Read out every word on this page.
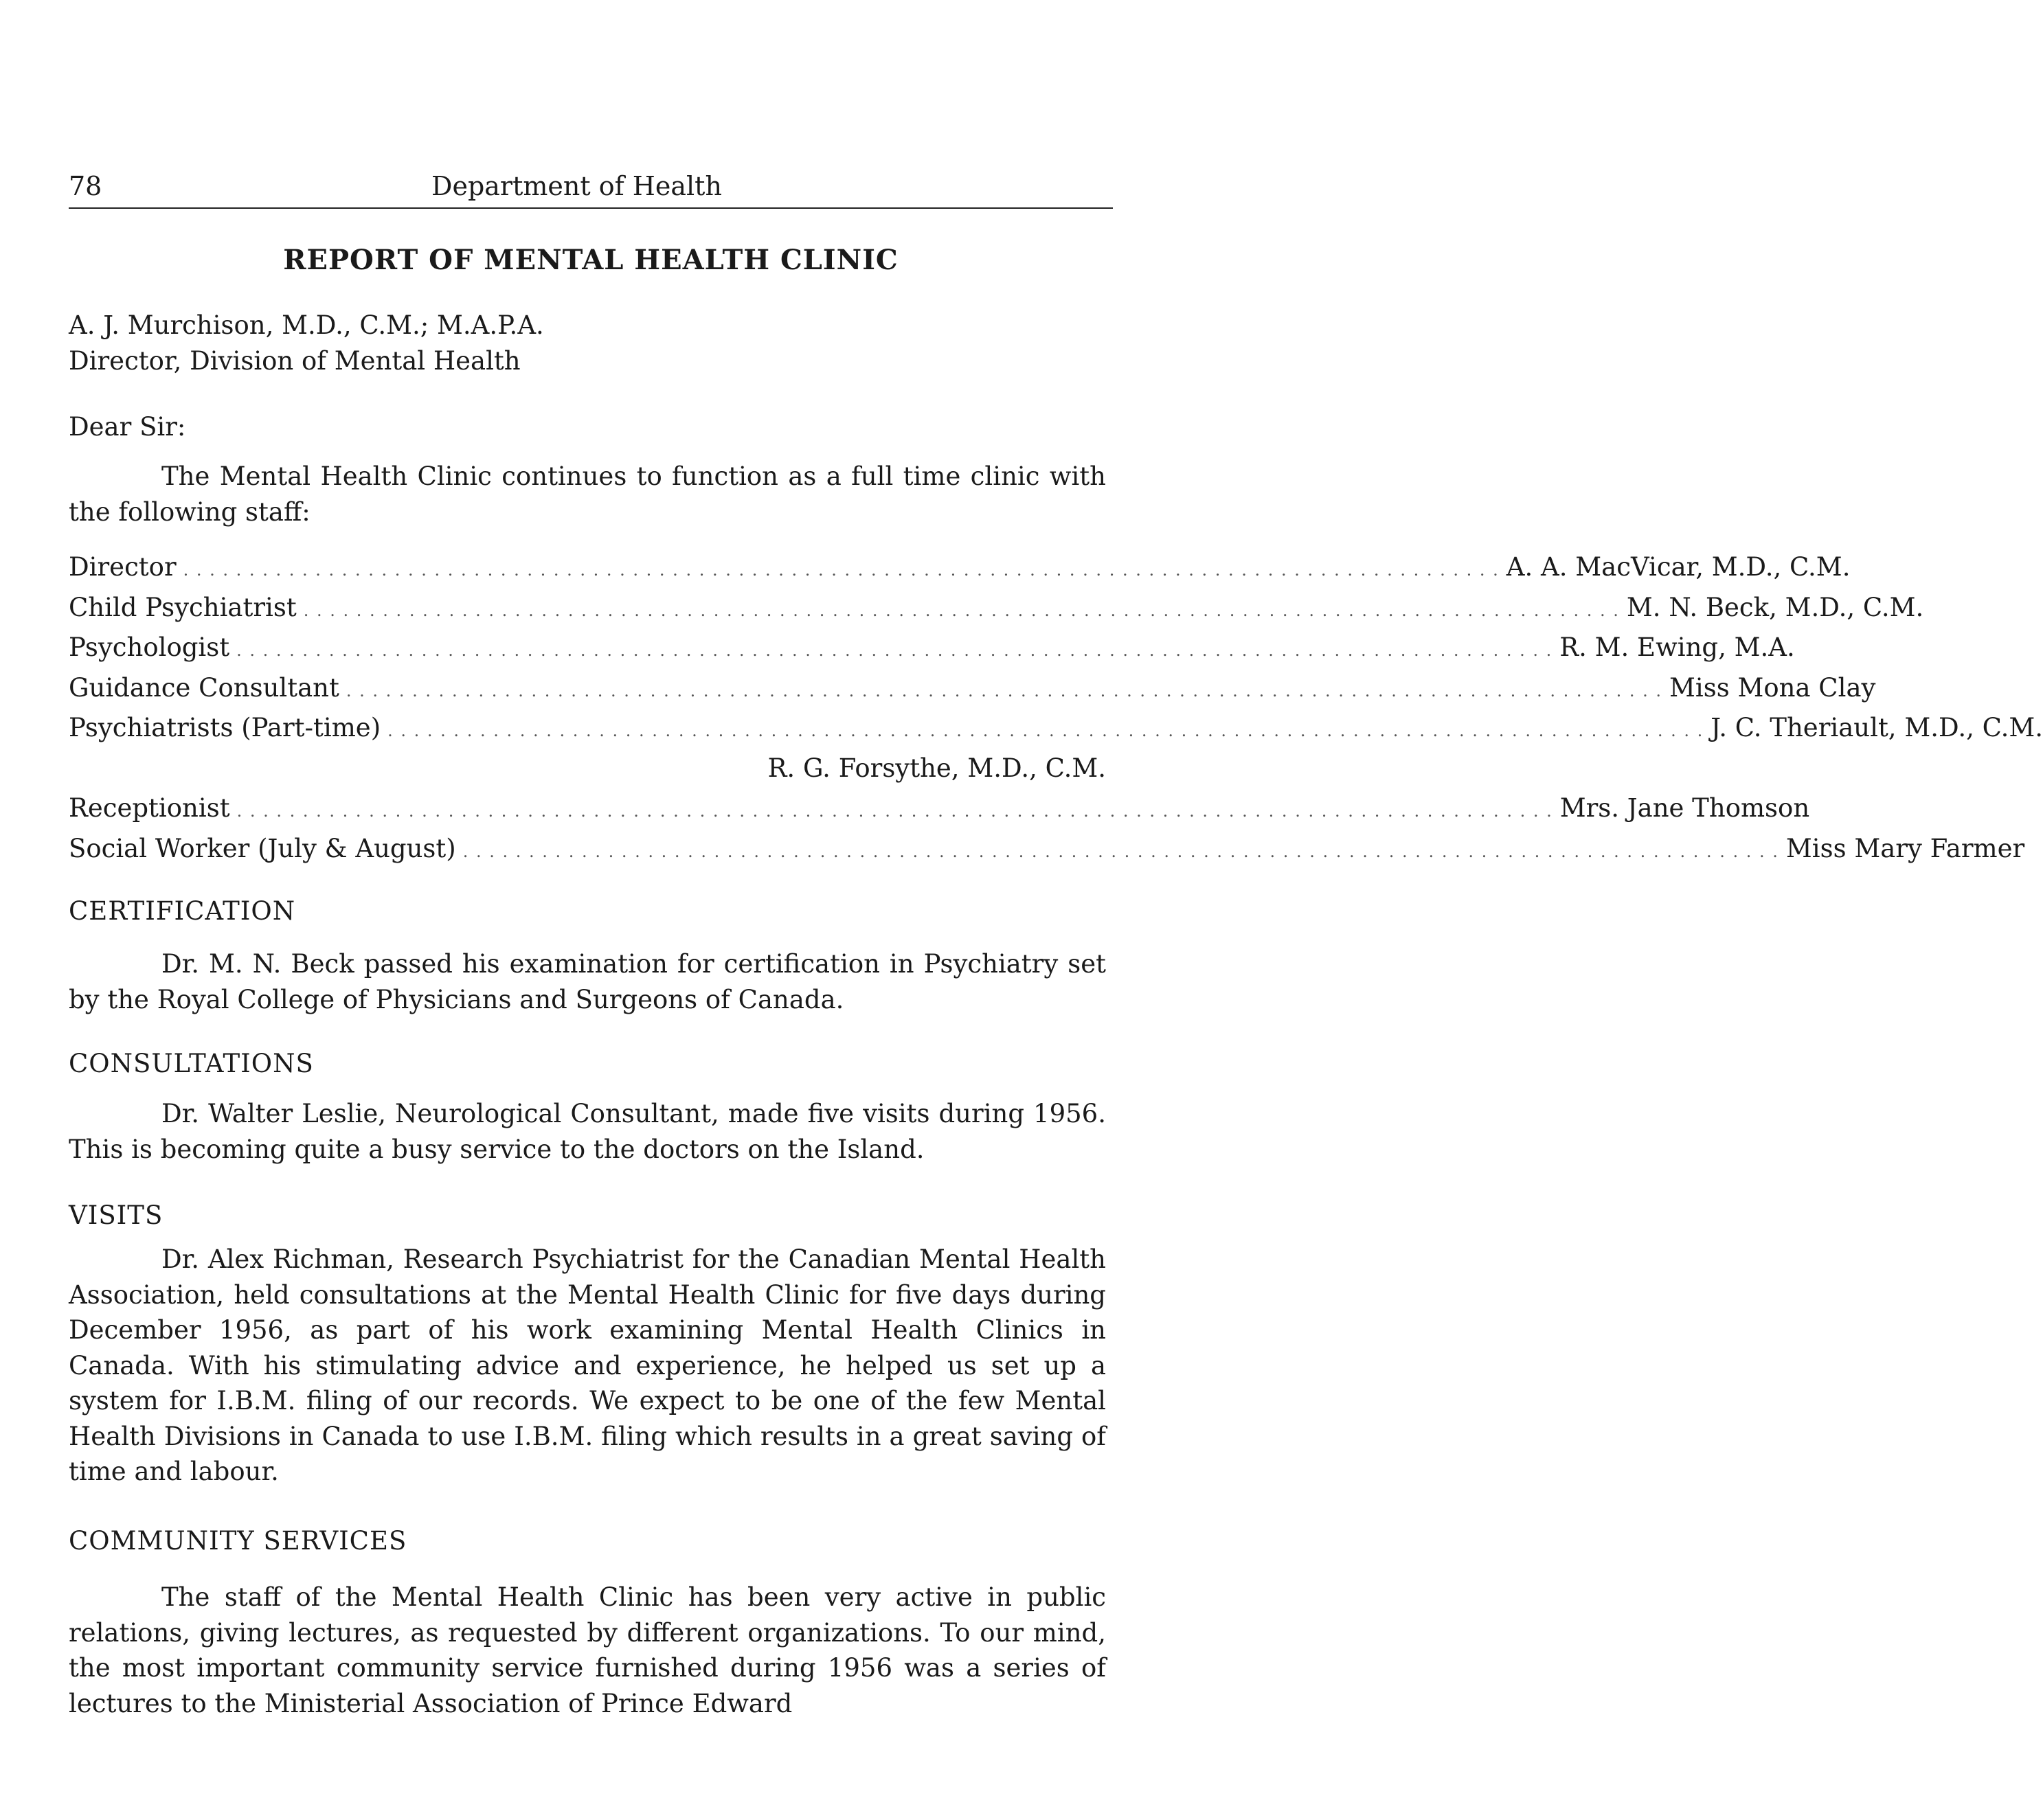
78	Department of Health
REPORT OF MENTAL HEALTH CLINIC
A. J. Murchison, M.D., C.M.; M.A.P.A.
Director, Division of Mental Health
Dear Sir:
The Mental Health Clinic continues to function as a full time clinic with the following staff:
Director . . . . . . . . . . . . . . . . . . . . . . . . . . . . . . . . . . . . . . . . . . . . . . . . . . . . . . . . . . . . . . . . . . . . . . . . . . . . . . . . . . . . . . . . . . . . . . . . . . . . A. A. MacVicar, M.D., C.M.
Child Psychiatrist . . . . . . . . . . . . . . . . . . . . . . . . . . . . . . . . . . . . . . . . . . . . . . . . . . . . . . . . . . . . . . . . . . . . . . . . . . . . . . . . . . . . . . . . . . . . . . . . . . . . M. N. Beck, M.D., C.M.
Psychologist . . . . . . . . . . . . . . . . . . . . . . . . . . . . . . . . . . . . . . . . . . . . . . . . . . . . . . . . . . . . . . . . . . . . . . . . . . . . . . . . . . . . . . . . . . . . . . . . . . . . R. M. Ewing, M.A.
Guidance Consultant . . . . . . . . . . . . . . . . . . . . . . . . . . . . . . . . . . . . . . . . . . . . . . . . . . . . . . . . . . . . . . . . . . . . . . . . . . . . . . . . . . . . . . . . . . . . . . . . . . . . Miss Mona Clay
Psychiatrists (Part-time) . . . . . . . . . . . . . . . . . . . . . . . . . . . . . . . . . . . . . . . . . . . . . . . . . . . . . . . . . . . . . . . . . . . . . . . . . . . . . . . . . . . . . . . . . . . . . . . . . . . . J. C. Theriault, M.D., C.M.
R. G. Forsythe, M.D., C.M.
Receptionist . . . . . . . . . . . . . . . . . . . . . . . . . . . . . . . . . . . . . . . . . . . . . . . . . . . . . . . . . . . . . . . . . . . . . . . . . . . . . . . . . . . . . . . . . . . . . . . . . . . . Mrs. Jane Thomson
Social Worker (July & August) . . . . . . . . . . . . . . . . . . . . . . . . . . . . . . . . . . . . . . . . . . . . . . . . . . . . . . . . . . . . . . . . . . . . . . . . . . . . . . . . . . . . . . . . . . . . . . . . . . . . Miss Mary Farmer
CERTIFICATION
Dr. M. N. Beck passed his examination for certification in Psychiatry set by the Royal College of Physicians and Surgeons of Canada.
CONSULTATIONS
Dr. Walter Leslie, Neurological Consultant, made five visits during 1956. This is becoming quite a busy service to the doctors on the Island.
VISITS
Dr. Alex Richman, Research Psychiatrist for the Canadian Mental Health Association, held consultations at the Mental Health Clinic for five days during December 1956, as part of his work examining Mental Health Clinics in Canada. With his stimulating advice and experience, he helped us set up a system for I.B.M. filing of our records. We expect to be one of the few Mental Health Divisions in Canada to use I.B.M. filing which results in a great saving of time and labour.
COMMUNITY SERVICES
The staff of the Mental Health Clinic has been very active in public relations, giving lectures, as requested by different organizations. To our mind, the most important community service furnished during 1956 was a series of lectures to the Ministerial Association of Prince Edward
